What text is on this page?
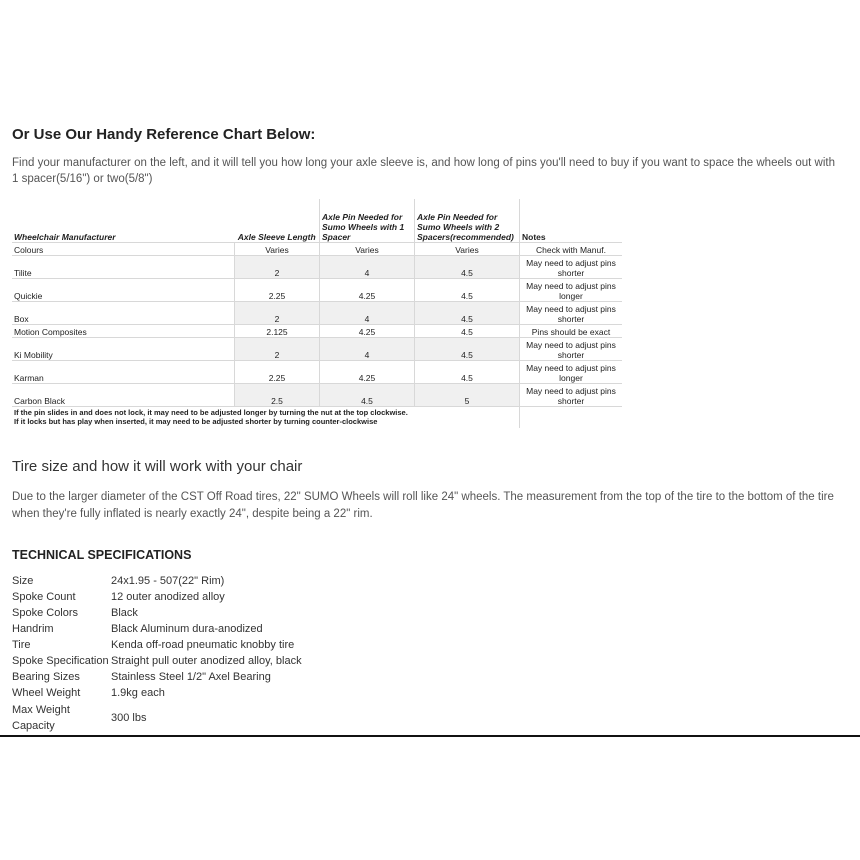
Or Use Our Handy Reference Chart Below:

Find your manufacturer on the left, and it will tell you how long your axle sleeve is, and how long of pins you'll need to buy if you want to space the wheels out with 1 spacer(5/16") or two(5/8")

Wheelchair Manufacturer	Axle Sleeve Length	Axle Pin Needed for Sumo Wheels with 1 Spacer	Axle Pin Needed for Sumo Wheels with 2 Spacers(recommended)	Notes
Colours	Varies	Varies	Varies	Check with Manuf.
Tilite	2	4	4.5	May need to adjust pins shorter
Quickie	2.25	4.25	4.5	May need to adjust pins longer
Box	2	4	4.5	May need to adjust pins shorter
Motion Composites	2.125	4.25	4.5	Pins should be exact
Ki Mobility	2	4	4.5	May need to adjust pins shorter
Karman	2.25	4.25	4.5	May need to adjust pins longer
Carbon Black	2.5	4.5	5	May need to adjust pins shorter

If the pin slides in and does not lock, it may need to be adjusted longer by turning the nut at the top clockwise.
If it locks but has play when inserted, it may need to be adjusted shorter by turning counter-clockwise				

Tire size and how it will work with your chair

Due to the larger diameter of the CST Off Road tires, 22" SUMO Wheels will roll like 24" wheels. The measurement from the top of the tire to the bottom of the tire when they're fully inflated is nearly exactly 24", despite being a 22" rim.

TECHNICAL SPECIFICATIONS
Size	24x1.95 - 507(22" Rim)
Spoke Count	12 outer anodized alloy
Spoke Colors	Black
Handrim	Black Aluminum dura-anodized
Tire	Kenda off-road pneumatic knobby tire
Spoke Specification	Straight pull outer anodized alloy, black
Bearing Sizes	Stainless Steel 1/2" Axel Bearing
Wheel Weight	1.9kg each
Max Weight Capacity	300 lbs
